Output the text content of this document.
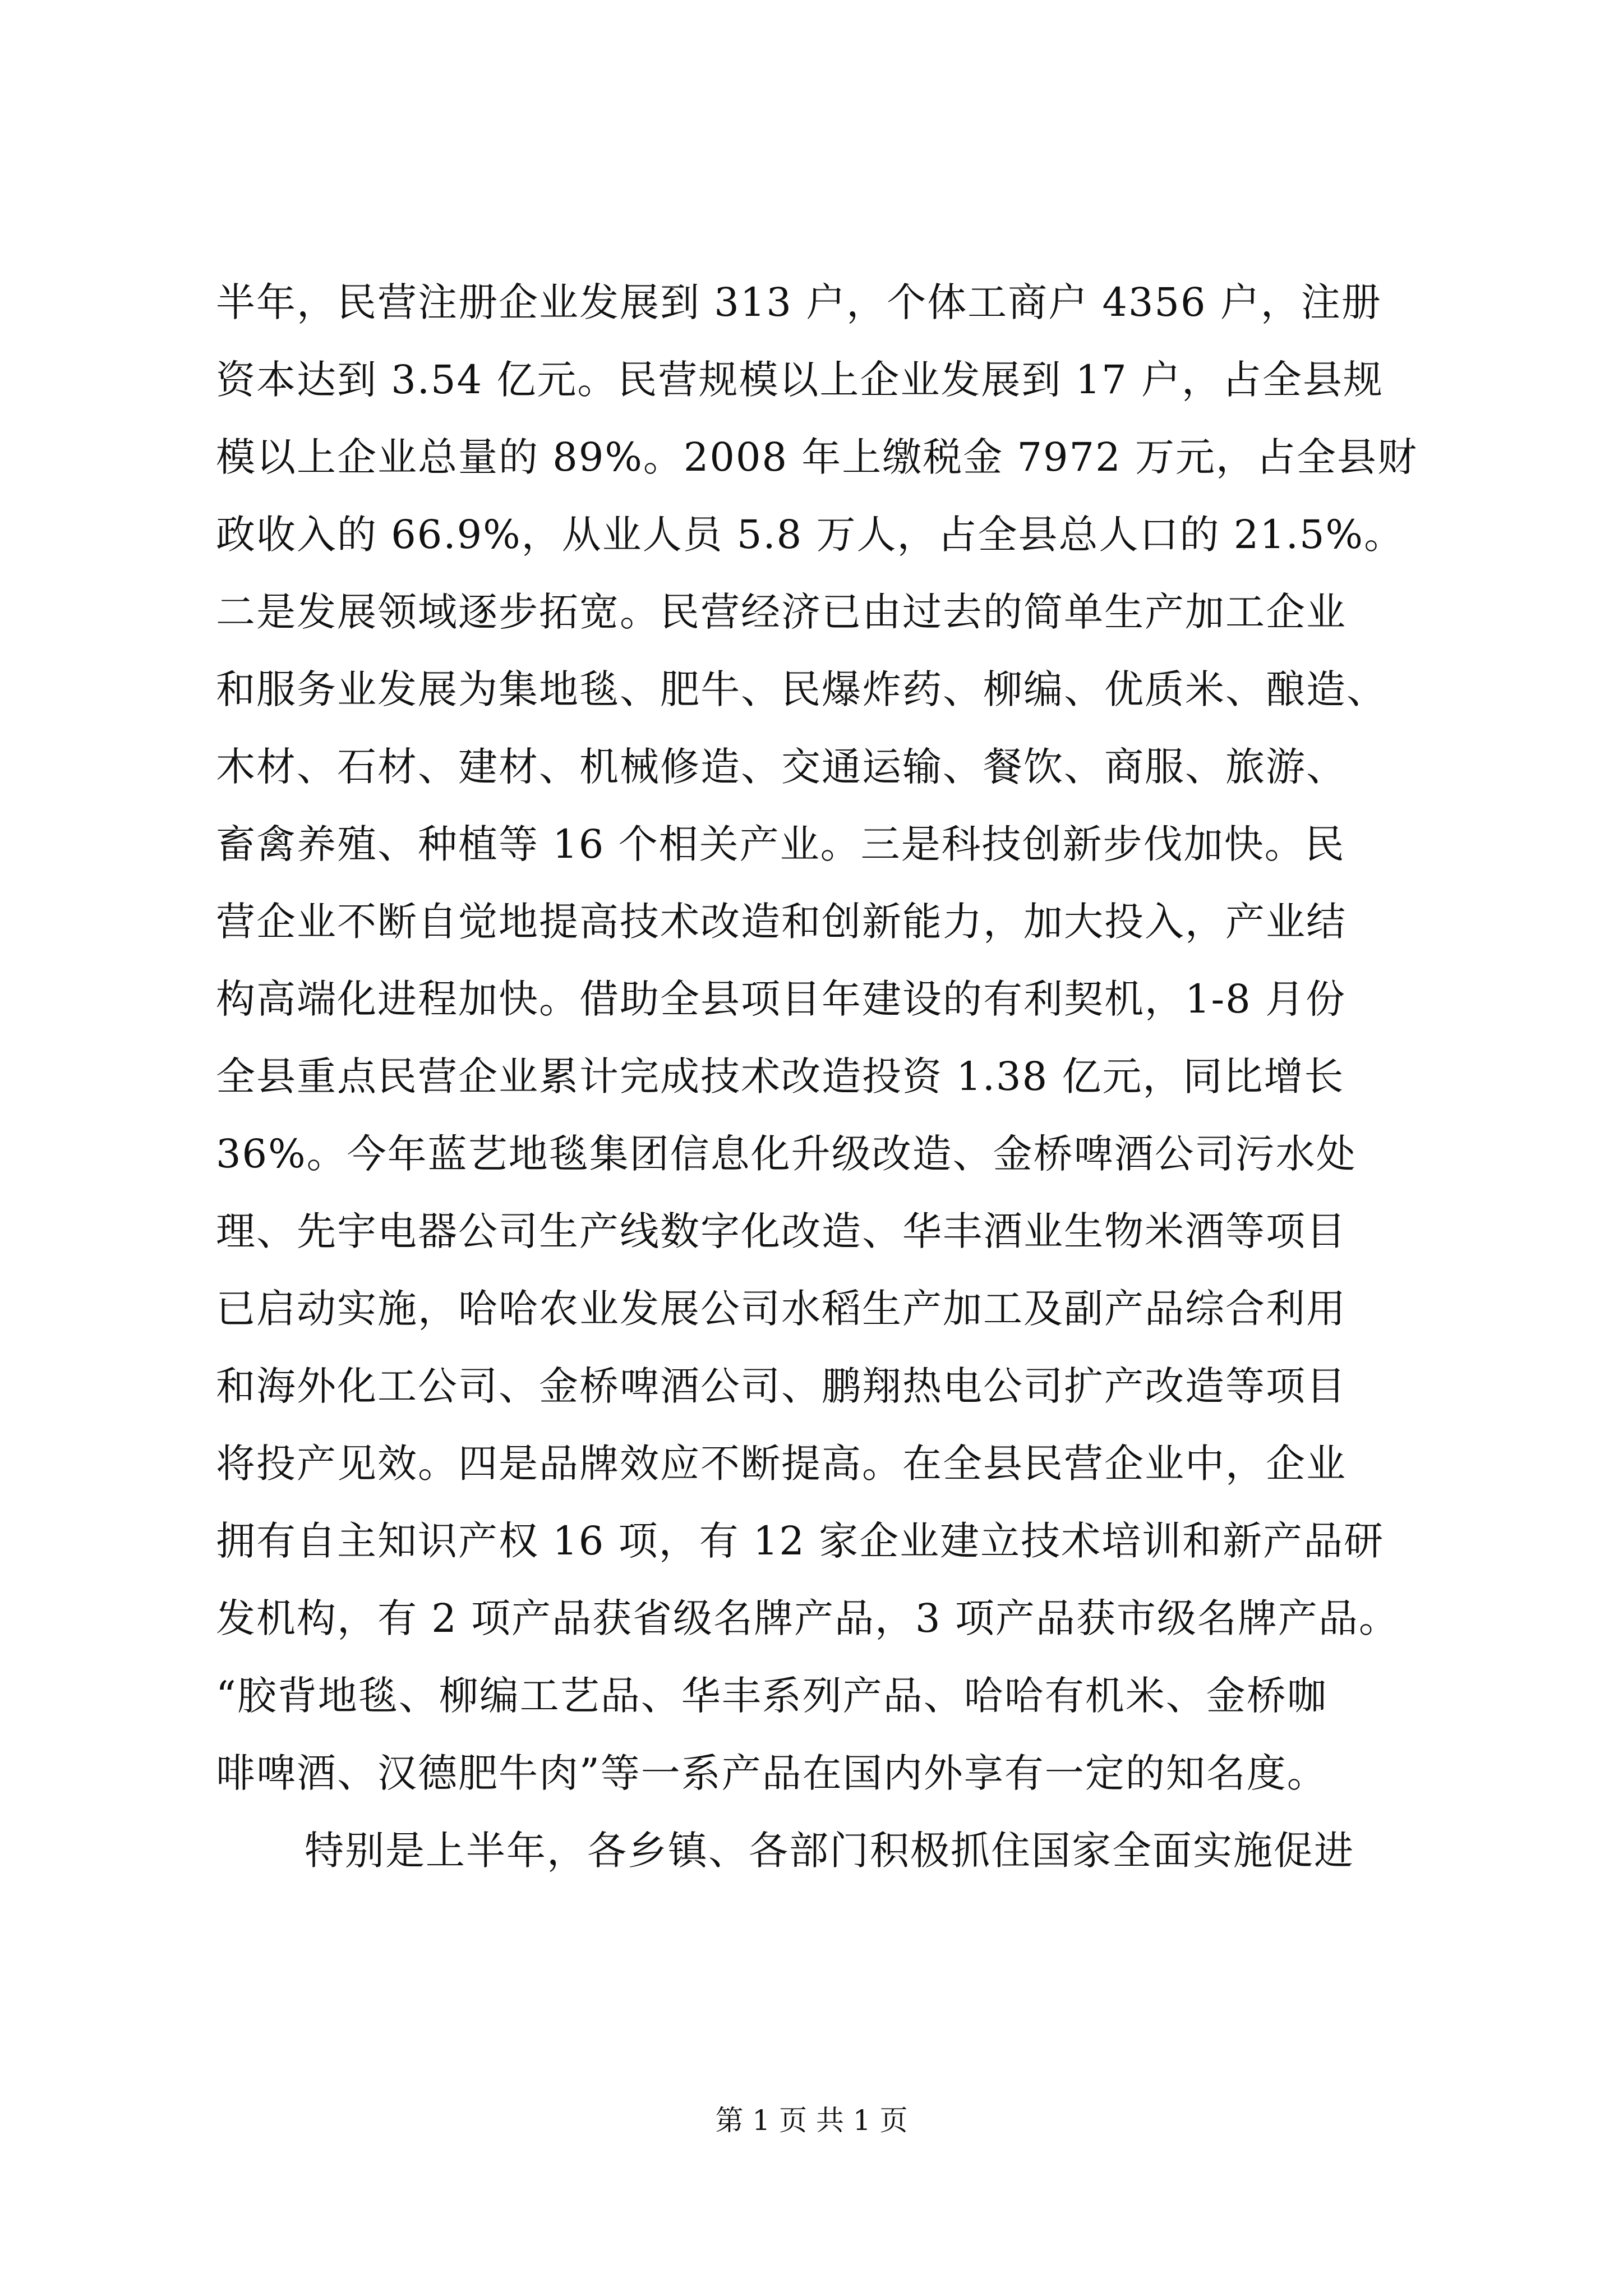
半年，民营注册企业发展到 313 户，个体工商户 4356 户，注册
资本达到 3.54 亿元。民营规模以上企业发展到 17 户，占全县规
模以上企业总量的 89%。2008 年上缴税金 7972 万元，占全县财
政收入的 66.9%，从业人员 5.8 万人，占全县总人口的 21.5%。
二是发展领域逐步拓宽。民营经济已由过去的简单生产加工企业
和服务业发展为集地毯、肥牛、民爆炸药、柳编、优质米、酿造、
木材、石材、建材、机械修造、交通运输、餐饮、商服、旅游、
畜禽养殖、种植等 16 个相关产业。三是科技创新步伐加快。民
营企业不断自觉地提高技术改造和创新能力，加大投入，产业结
构高端化进程加快。借助全县项目年建设的有利契机，1-8 月份
全县重点民营企业累计完成技术改造投资 1.38 亿元，同比增长
36%。今年蓝艺地毯集团信息化升级改造、金桥啤酒公司污水处
理、先宇电器公司生产线数字化改造、华丰酒业生物米酒等项目
已启动实施，哈哈农业发展公司水稻生产加工及副产品综合利用
和海外化工公司、金桥啤酒公司、鹏翔热电公司扩产改造等项目
将投产见效。四是品牌效应不断提高。在全县民营企业中，企业
拥有自主知识产权 16 项，有 12 家企业建立技术培训和新产品研
发机构，有 2 项产品获省级名牌产品，3 项产品获市级名牌产品。
“胶背地毯、柳编工艺品、华丰系列产品、哈哈有机米、金桥咖
啡啤酒、汉德肥牛肉”等一系产品在国内外享有一定的知名度。
特别是上半年，各乡镇、各部门积极抓住国家全面实施促进
第 1 页 共 1 页
